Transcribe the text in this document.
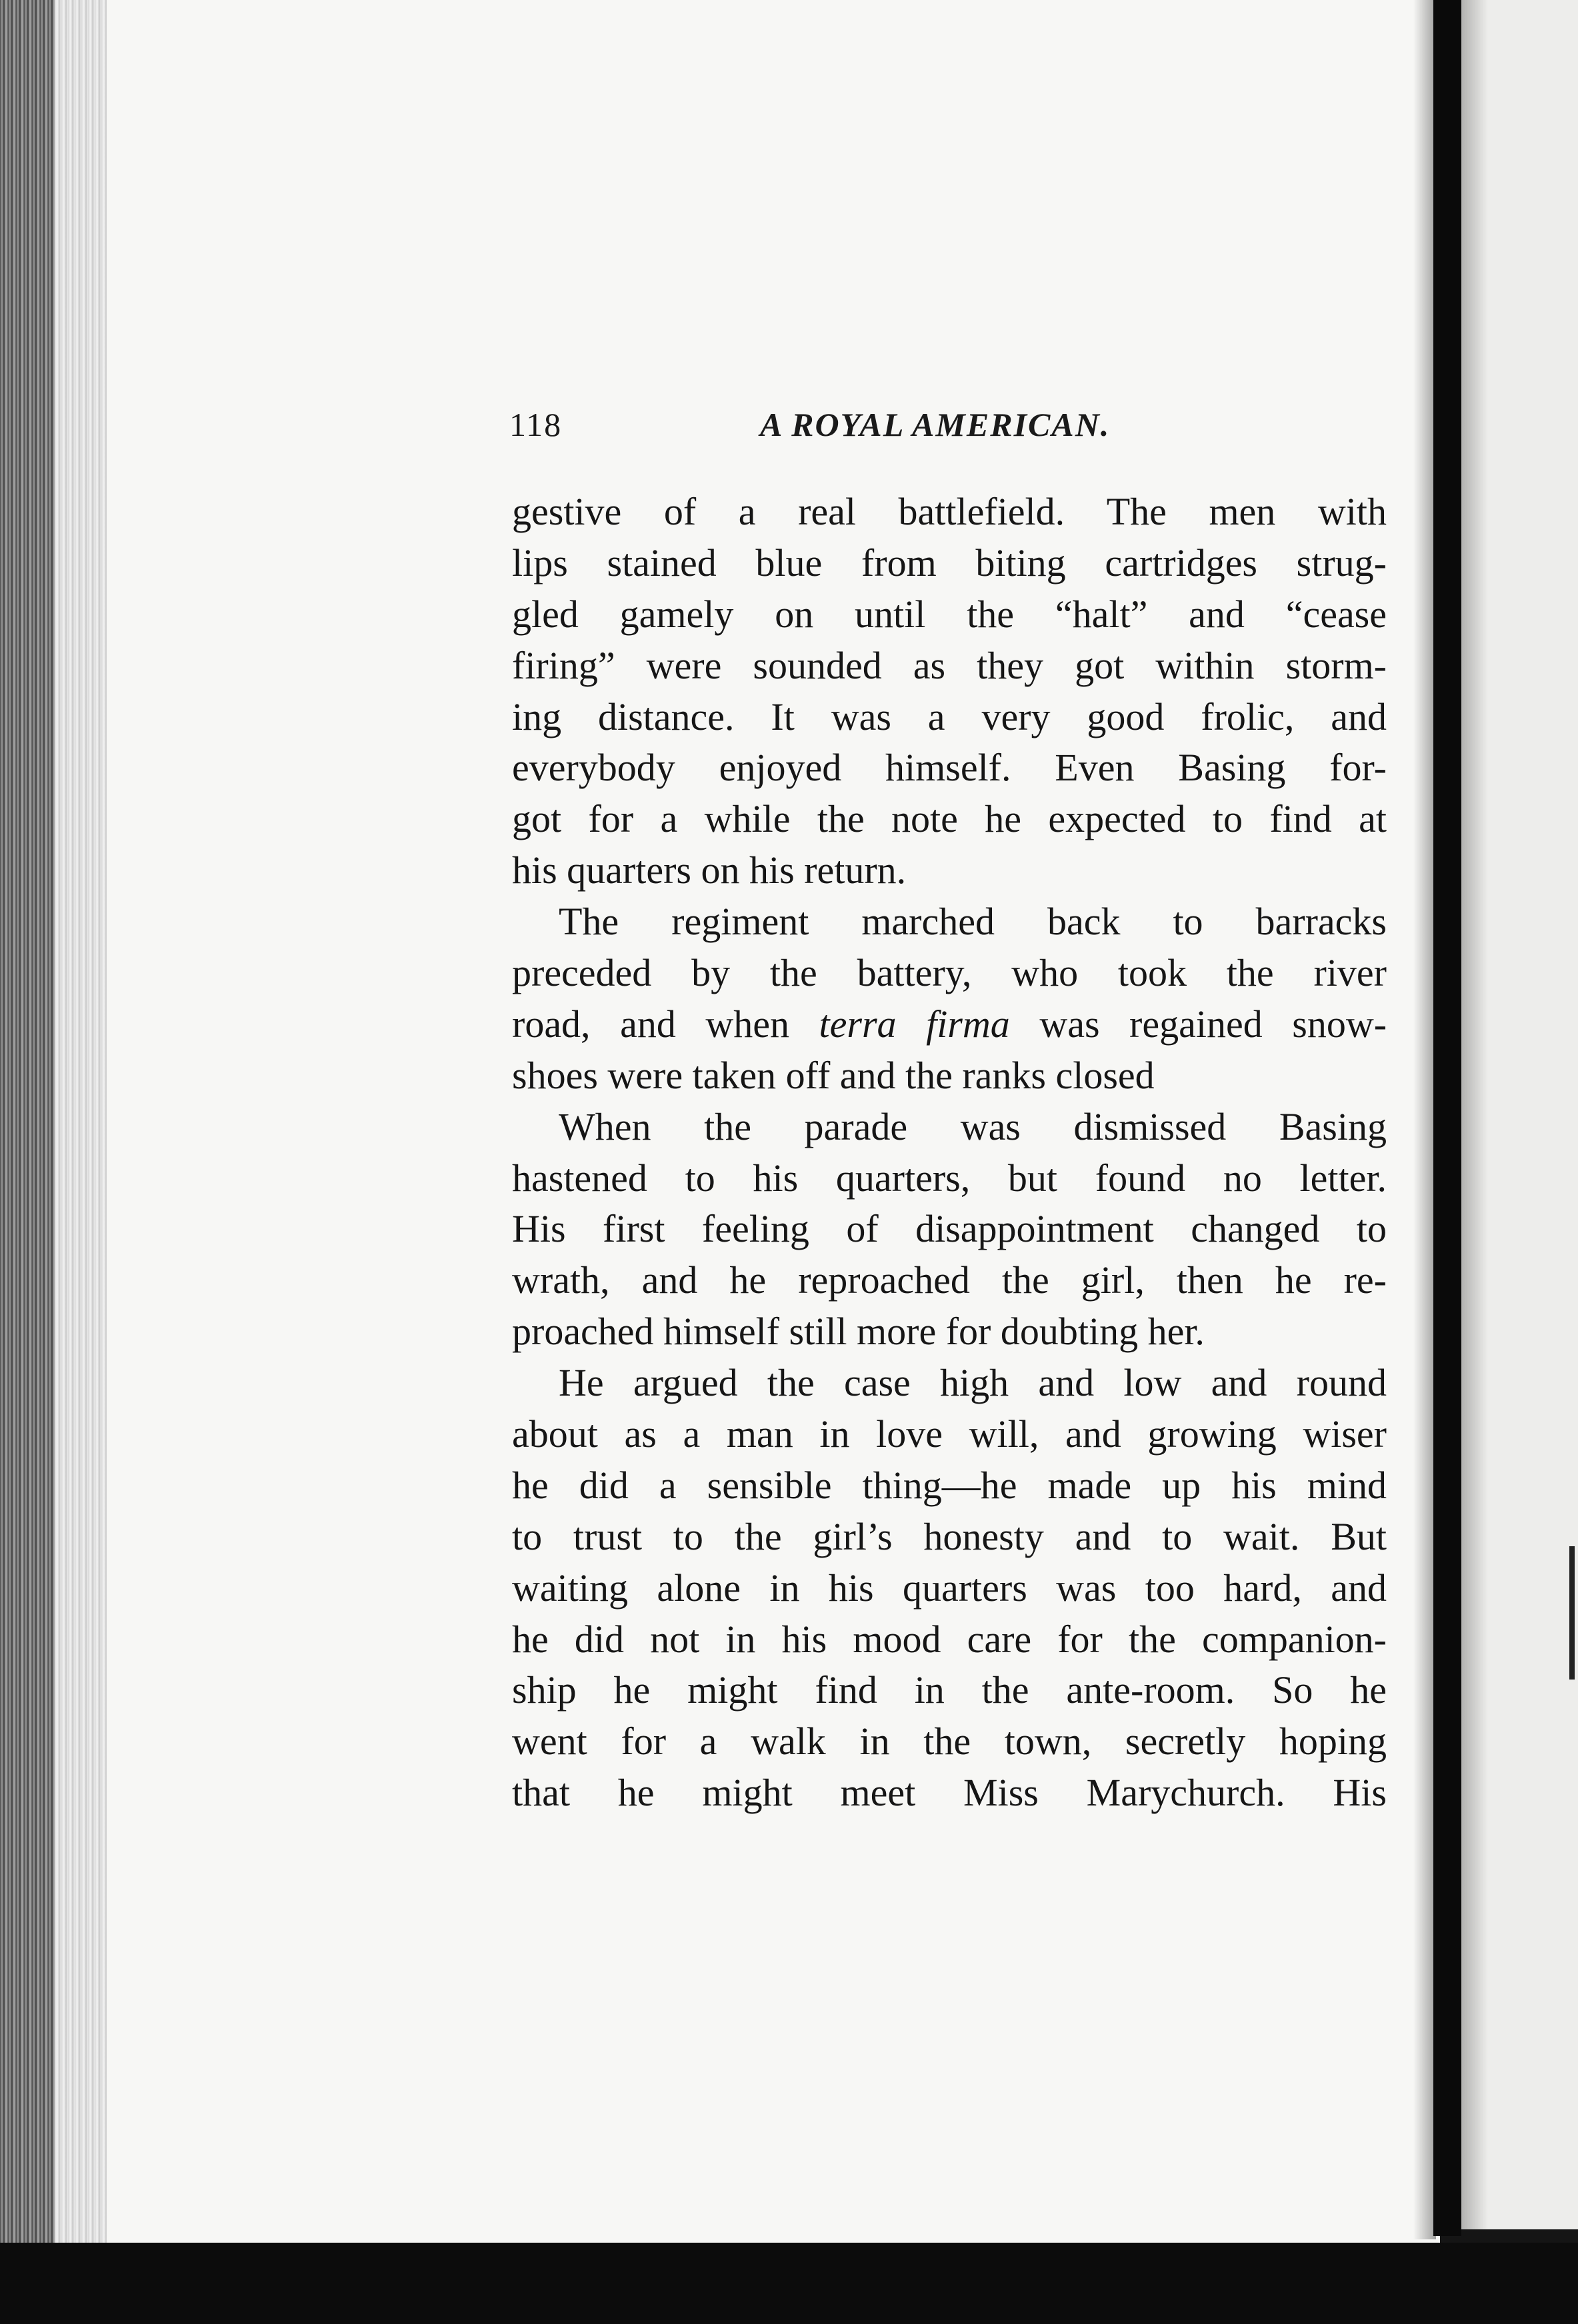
118	A ROYAL AMERICAN.
gestive of a real battlefield. The men with
lips stained blue from biting cartridges strug-
gled gamely on until the “halt” and “cease
firing” were sounded as they got within storm-
ing distance. It was a very good frolic, and
everybody enjoyed himself. Even Basing for-
got for a while the note he expected to find at
his quarters on his return.
The regiment marched back to barracks
preceded by the battery, who took the river
road, and when terra firma was regained snow-
shoes were taken off and the ranks closed
When the parade was dismissed Basing
hastened to his quarters, but found no letter.
His first feeling of disappointment changed to
wrath, and he reproached the girl, then he re-
proached himself still more for doubting her.
He argued the case high and low and round
about as a man in love will, and growing wiser
he did a sensible thing—he made up his mind
to trust to the girl’s honesty and to wait. But
waiting alone in his quarters was too hard, and
he did not in his mood care for the companion-
ship he might find in the ante-room. So he
went for a walk in the town, secretly hoping
that he might meet Miss Marychurch. His
